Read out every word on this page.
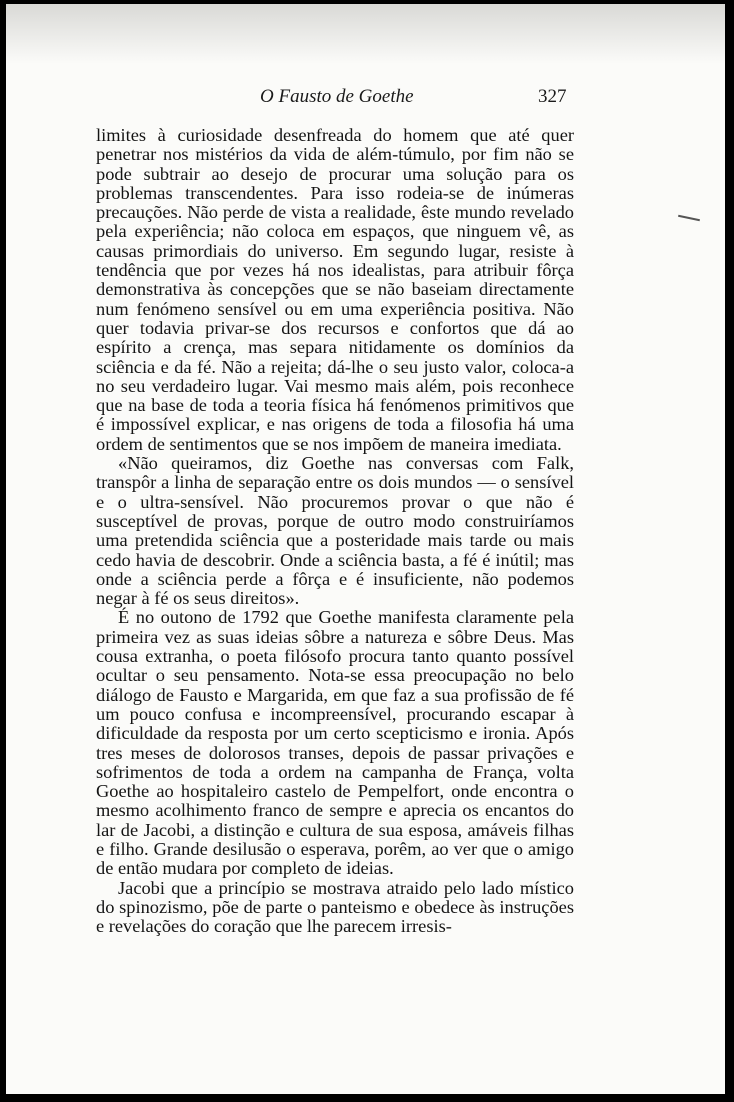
O Fausto de Goethe	327

limites à curiosidade desenfreada do homem que até quer penetrar nos mistérios da vida de além-túmulo, por fim não se pode subtrair ao desejo de procurar uma solução para os problemas transcendentes. Para isso rodeia-se de inúmeras precauções. Não perde de vista a realidade, êste mundo revelado pela experiência; não coloca em espaços, que ninguem vê, as causas primordiais do universo. Em segundo lugar, resiste à tendência que por vezes há nos idealistas, para atribuir fôrça demonstrativa às concepções que se não baseiam directamente num fenómeno sensível ou em uma experiência positiva. Não quer todavia privar-se dos recursos e confortos que dá ao espírito a crença, mas separa nitidamente os domínios da sciência e da fé. Não a rejeita; dá-lhe o seu justo valor, coloca-a no seu verdadeiro lugar. Vai mesmo mais além, pois reconhece que na base de toda a teoria física há fenómenos primitivos que é impossível explicar, e nas origens de toda a filosofia há uma ordem de sentimentos que se nos impõem de maneira imediata.

«Não queiramos, diz Goethe nas conversas com Falk, transpôr a linha de separação entre os dois mundos — o sensível e o ultra-sensível. Não procuremos provar o que não é susceptível de provas, porque de outro modo construiríamos uma pretendida sciência que a posteridade mais tarde ou mais cedo havia de descobrir. Onde a sciência basta, a fé é inútil; mas onde a sciência perde a fôrça e é insuficiente, não podemos negar à fé os seus direitos».

É no outono de 1792 que Goethe manifesta claramente pela primeira vez as suas ideias sôbre a natureza e sôbre Deus. Mas cousa extranha, o poeta filósofo procura tanto quanto possível ocultar o seu pensamento. Nota-se essa preocupação no belo diálogo de Fausto e Margarida, em que faz a sua profissão de fé um pouco confusa e incompreensível, procurando escapar à dificuldade da resposta por um certo scepticismo e ironia. Após tres meses de dolorosos transes, depois de passar privações e sofrimentos de toda a ordem na campanha de França, volta Goethe ao hospitaleiro castelo de Pempelfort, onde encontra o mesmo acolhimento franco de sempre e aprecia os encantos do lar de Jacobi, a distinção e cultura de sua esposa, amáveis filhas e filho. Grande desilusão o esperava, porêm, ao ver que o amigo de então mudara por completo de ideias.

Jacobi que a princípio se mostrava atraido pelo lado místico do spinozismo, põe de parte o panteismo e obedece às instruções e revelações do coração que lhe parecem irresis-
